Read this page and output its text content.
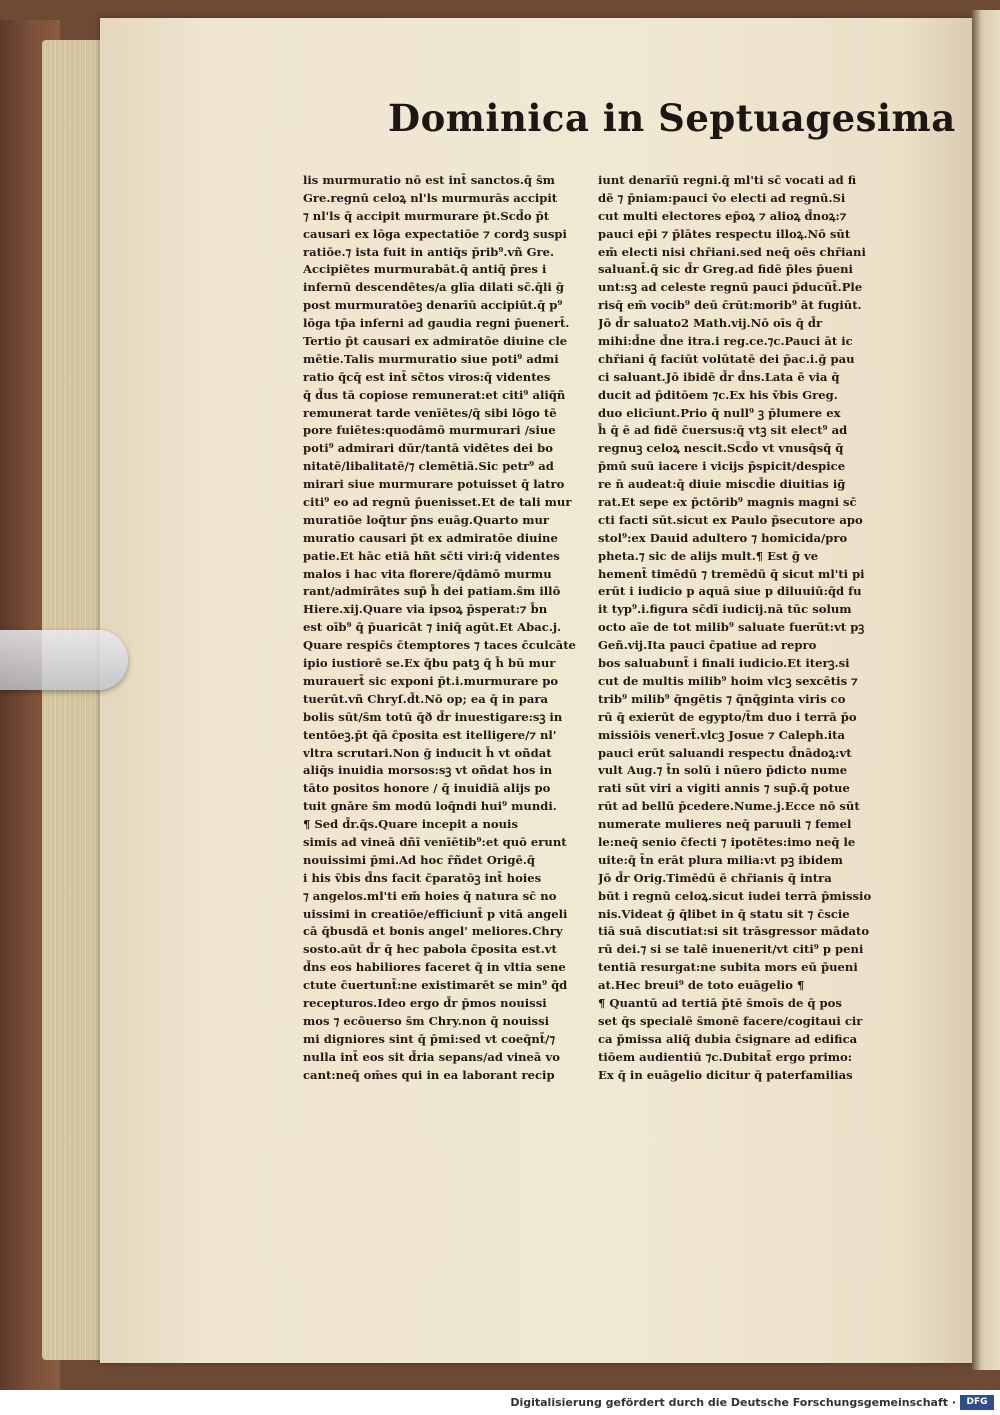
Dominica in Septuagesima
lis murmuratio nō est int̄ sanctos.q̄ s̄m
Gre.regnū celoꝝ nl'ls murmurās accipit
⁊ nl'ls q̄ accipit murmurare p̄t.Scd̄o p̄t
causari ex lōga expectatiōe ⁊ cordꝫ suspi
ratiōe.⁊ ista fuit in antiq̄s p̄rib⁹.vñ Gre.
Accipiētes murmurabāt.q̄ antiq̄ p̄res i
infernū descendētes/a glīa dilati sc̄.q̄li ḡ
post murmuratōeꝫ denarīū accipiūt.q̄ p⁹
lōga tp̄a inferni ad gaudia regni p̄uenert̄.
Tertio p̄t causari ex admiratōe diuine cle
mētie.Talis murmuratio siue poti⁹ admi
ratio q̄cq̄ est int̄ sc̄tos viros:q̄ videntes
q̄ d̄us tā copiose remunerat:et citi⁹ aliq̄ñ
remunerat tarde venīētes/q̄ sibi lōgo tē
pore fuiētes:quodāmō murmurari /siue
poti⁹ admirari dūr/tantā vidētes dei bo
nitatē/libalitatē/⁊ clemētiā.Sic petr⁹ ad
mirari siue murmurare potuisset q̄ latro
citi⁹ eo ad regnū p̄uenisset.Et de tali mur
muratiōe loq̄tur p̄ns euāg.Quarto mur
muratio causari p̄t ex admiratōe diuine
patie.Et hāc etiā hñt sc̄ti viri:q̄ videntes
malos i hac vita florere/q̄dāmō murmu
rant/admirātes sup̄ h̄ dei patiam.s̄m illō
Hiere.xij.Quare via ipsoꝝ p̄sperat:⁊ b̄n
est oīb⁹ q̄ p̄uaricāt ⁊ iniq̄ agūt.Et Abac.j.
Quare respic̄s c̄temptores ⁊ taces c̄culcāte
ipio iustiorē se.Ex q̄bu patꝫ q̄ h̄ bū mur
murauert̄ sic exponi p̄t.i.murmurare po
tuerūt.vñ Chryſ.d̄t.Nō op; ea q̄ in para
bolis sūt/s̄m totū q̄ð d̄r inuestigare:sꝫ in
tentōeꝫ.p̄t q̄ā c̄posita est itelligere/⁊ nl'
vltra scrutari.Non ḡ inducit h̄ vt oñdat
aliq̄s inuidia morsos:sꝫ vt oñdat hos in
tāto positos honore / q̄ inuidiā alijs po
tuit gnāre s̄m modū loq̄ndi hui⁹ mundi.
¶ Sed d̄r.q̄s.Quare incepit a nouis
simis ad vineā dñī venīētib⁹:et quō erunt
nouissimi p̄mi.Ad hoc r̄ñdet Origē.q̄
i his v̄bis d̄ns facit c̄paratōꝫ int̄ hoies
⁊ angelos.ml'ti em̄ hoies q̄ natura sc̄ no
uissimi in creatiōe/efficiunt̄ p vitā angeli
cā q̄busdā et bonis angel' meliores.Chry
sosto.aūt d̄r q̄ hec pabola c̄posita est.vt
d̄ns eos habiliores faceret q̄ in vltia sene
ctute c̄uertunt̄:ne existimarēt se min⁹ q̄d
recepturos.Ideo ergo d̄r p̄mos nouissi
mos ⁊ ecōuerso s̄m Chry.non q̄ nouissi
mi digniores sint q̄ p̄mi:sed vt coeq̄nt̄/⁊
nulla int̄ eos sit d̄ria sepans/ad vineā vo
cant:neq̄ om̄es qui in ea laborant recip
iunt denarīū regni.q̄ ml'ti sc̄ vocati ad fi
dē ⁊ p̄niam:pauci v̄o electi ad regnū.Si
cut multi electores ep̄oꝝ ⁊ alioꝝ d̄noꝝ:⁊
pauci ep̄i ⁊ p̄lātes respectu illoꝝ.Nō sūt
em̄ electi nisi chr̄iani.sed neq̄ oēs chr̄iani
saluant̄.q̄ sic d̄r Greg.ad fidē p̄les p̄ueni
unt:sꝫ ad celeste regnū pauci p̄ducūt̄.Ple
risq̄ em̄ vocib⁹ deū c̄rūt:morib⁹ āt fugiūt.
Jō d̄r saluato2 Math.vij.Nō oīs q̄ d̄r
mihi:d̄ne d̄ne itra.i reg.ce.⁊c.Pauci āt ic
chr̄iani q̄ faciūt volūtatē dei p̄ac.i.ḡ pau
ci saluant.Jō ibidē d̄r d̄ns.Lata ē via q̄
ducit ad p̄ditōem ⁊c.Ex his v̄bis Greg.
duo elicīunt.Prio q̄ null⁹ ꝫ p̄lumere ex
h̄ q̄ ē ad fidē c̄uersus:q̄ vtꝫ sit elect⁹ ad
regnuꝫ celoꝝ nescit.Scd̄o vt vnusq̄sq̄ q̄
p̄mū suū iacere i vicijs p̄spicit/despice
re n̄ audeat:q̄ diuie miscd̄ie diuitias ig̃
rat.Et sepe ex p̄ctōrib⁹ magnis magni sc̄
cti facti sūt.sicut ex Paulo p̄secutore apo
stol⁹:ex Dauid adultero ⁊ homicida/pro
pheta.⁊ sic de alijs mult.¶ Est ḡ ve
hement̄ timēdū ⁊ tremēdū q̄ sicut ml'ti pi
erūt i iudicio p aquā siue p diluuiū:q̄d fu
it typ⁹.i.figura sc̄dī iudicij.nā tūc solum
octo aīe de tot milib⁹ saluate fuerūt:vt pꝫ
Geñ.vij.Ita pauci c̄patiue ad repro
bos saluabunt̄ i finali iudicio.Et iterꝫ.si
cut de multis milib⁹ hoim vlcꝫ sexcētis ⁊
trib⁹ milib⁹ q̄ngētis ⁊ q̄nq̄ginta viris co
rū q̄ exierūt de egypto/t̄m duo i terrā p̄o
missiōis venert̄.vlcꝫ Josue ⁊ Caleph.ita
pauci erūt saluandi respectu d̄nādoꝝ:vt
vult Aug.⁊ t̄n solū i nūero p̄dicto nume
rati sūt viri a vigiti annis ⁊ sup̄.q̄ potue
rūt ad bellū p̄cedere.Nume.j.Ecce nō sūt
numerate mulieres neq̄ paruuli ⁊ femel
le:neq̄ senio c̄fecti ⁊ ipotētes:imo neq̄ le
uite:q̄ t̄n erāt plura milia:vt pꝫ ibidem
Jō d̄r Orig.Timēdū ē chr̄ianis q̄ intra
būt i regnū celoꝝ.sicut iudei terrā p̄missio
nis.Videat ḡ q̄libet in q̄ statu sit ⁊ c̄scie
tiā suā discutiat:si sit trāsgressor mādato
rū dei.⁊ si se talē inuenerit/vt citi⁹ p peni
tentiā resurgat:ne subita mors eū p̄ueni
at.Hec breui⁹ de toto euāgelio ¶
¶ Quantū ad tertiā p̄tē s̄moīs de q̄ pos
set q̄s specialē s̄monē facere/cogitaui cir
ca p̄missa aliq̄ dubia c̄signare ad edifica
tiōem audientiū ⁊c.Dubitat̄ ergo primo:
Ex q̄ in euāgelio dicitur q̄ paterfamilias
Digitalisierung gefördert durch die Deutsche Forschungsgemeinschaft ·	DFG
